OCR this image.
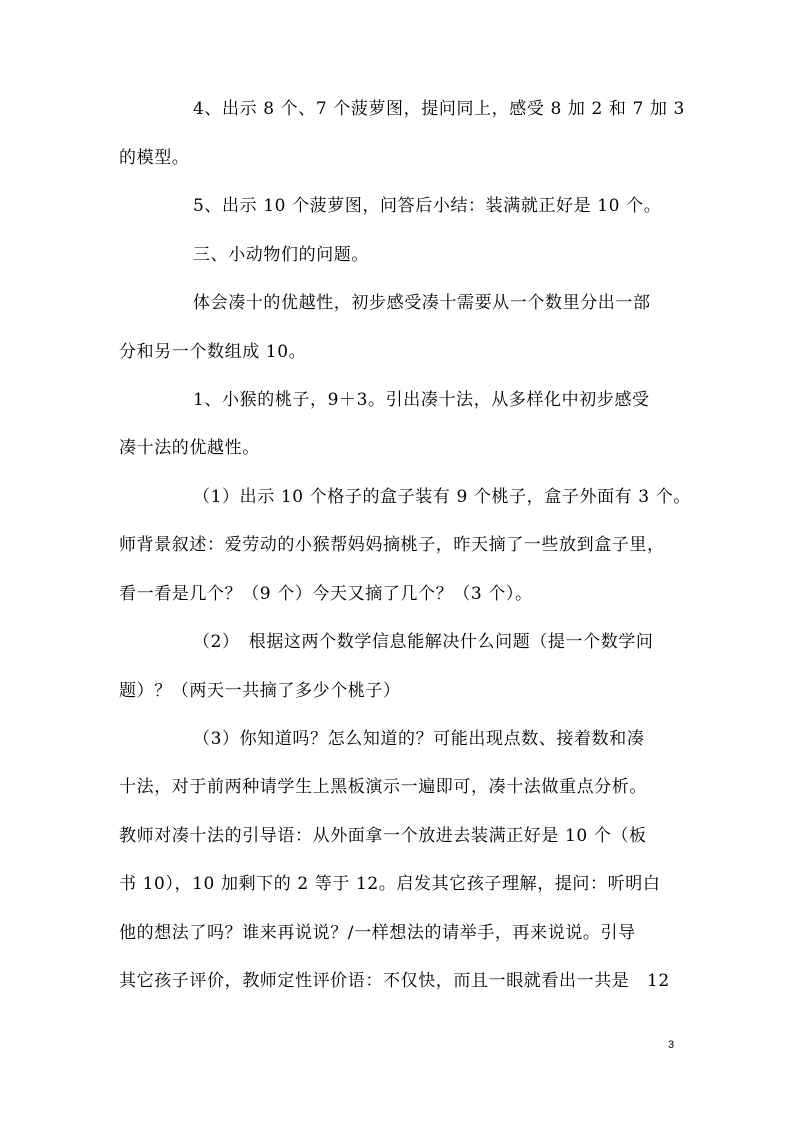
4、出示 8 个、7 个菠萝图，提问同上，感受 8 加 2 和 7 加 3
的模型。
5、出示 10 个菠萝图，问答后小结：装满就正好是 10 个。
三、小动物们的问题。
体会凑十的优越性，初步感受凑十需要从一个数里分出一部
分和另一个数组成 10。
1、小猴的桃子，9＋3。引出凑十法，从多样化中初步感受
凑十法的优越性。
（1）出示 10 个格子的盒子装有 9 个桃子，盒子外面有 3 个。
师背景叙述：爱劳动的小猴帮妈妈摘桃子，昨天摘了一些放到盒子里，
看一看是几个？（9 个）今天又摘了几个？（3 个）。
（2）　根据这两个数学信息能解决什么问题（提一个数学问
题）？（两天一共摘了多少个桃子）
（3）你知道吗？怎么知道的？可能出现点数、接着数和凑
十法，对于前两种请学生上黑板演示一遍即可，凑十法做重点分析。
教师对凑十法的引导语：从外面拿一个放进去装满正好是 10 个（板
书 10），10 加剩下的 2 等于 12。启发其它孩子理解，提问：听明白
他的想法了吗？谁来再说说？/一样想法的请举手，再来说说。引导
其它孩子评价，教师定性评价语：不仅快，而且一眼就看出一共是　12
3
